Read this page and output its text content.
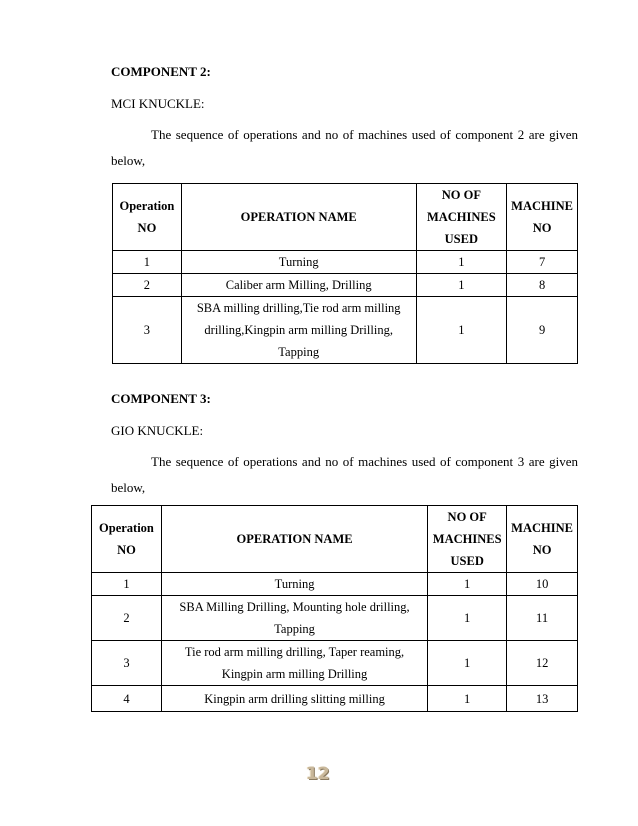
COMPONENT 2:
MCI KNUCKLE:
The sequence of operations and no of machines used of component 2 are given below,
Operation NO	OPERATION NAME	NO OF MACHINES USED	MACHINE NO
1	Turning	1	7
2	Caliber arm Milling, Drilling	1	8
3	SBA milling drilling,Tie rod arm milling drilling,Kingpin arm milling Drilling, Tapping	1	9
COMPONENT 3:
GIO KNUCKLE:
The sequence of operations and no of machines used of component 3 are given below,
Operation NO	OPERATION NAME	NO OF MACHINES USED	MACHINE NO
1	Turning	1	10
2	SBA Milling Drilling, Mounting hole drilling, Tapping	1	11
3	Tie rod arm milling drilling, Taper reaming, Kingpin arm milling Drilling	1	12
4	Kingpin arm drilling slitting milling	1	13
12
